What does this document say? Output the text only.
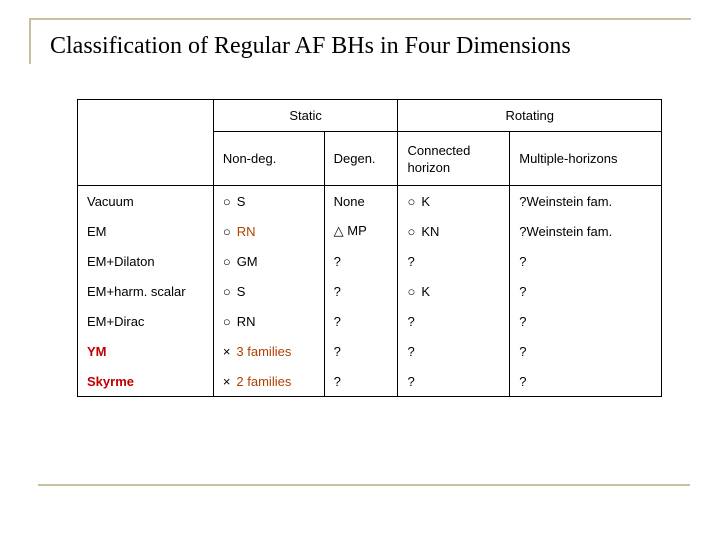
Classification of Regular AF BHs in Four Dimensions
	Static		Rotating	
	Non-deg.	Degen.	Connected horizon	Multiple-horizons
Vacuum	○ S	None	○ K	?Weinstein fam.
EM	○ RN	△ MP	○ KN	?Weinstein fam.
EM+Dilaton	○ GM	?	?	?
EM+harm. scalar	○ S	?	○ K	?
EM+Dirac	○ RN	?	?	?
YM	× 3 families	?	?	?
Skyrme	× 2 families	?	?	?
